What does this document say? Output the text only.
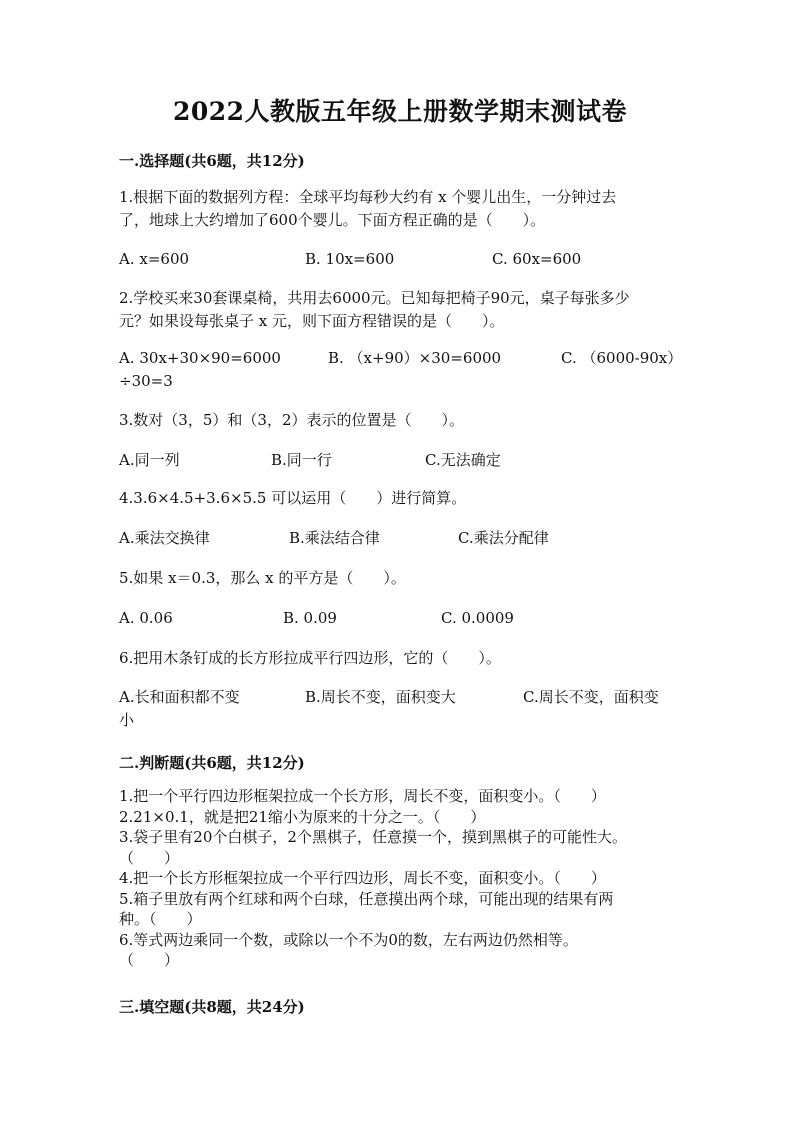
2022人教版五年级上册数学期末测试卷
一.选择题(共6题，共12分)
1.根据下面的数据列方程：全球平均每秒大约有 x 个婴儿出生，一分钟过去
了，地球上大约增加了600个婴儿。下面方程正确的是（　　）。
A. x=600	B. 10x=600	C. 60x=600
2.学校买来30套课桌椅，共用去6000元。已知每把椅子90元，桌子每张多少
元？如果设每张桌子 x 元，则下面方程错误的是（　　）。
A. 30x+30×90=6000	B. （x+90）×30=6000	C. （6000-90x）
÷30=3
3.数对（3，5）和（3，2）表示的位置是（　　）。
A.同一列	B.同一行	C.无法确定
4.3.6×4.5+3.6×5.5 可以运用（　　）进行简算。
A.乘法交换律	B.乘法结合律	C.乘法分配律
5.如果 x＝0.3，那么 x 的平方是（　　）。
A. 0.06	B. 0.09	C. 0.0009
6.把用木条钉成的长方形拉成平行四边形，它的（　　）。
A.长和面积都不变	B.周长不变，面积变大	C.周长不变，面积变
小
二.判断题(共6题，共12分)
1.把一个平行四边形框架拉成一个长方形，周长不变，面积变小。（　　）
2.21×0.1，就是把21缩小为原来的十分之一。（　　）
3.袋子里有20个白棋子，2个黑棋子，任意摸一个，摸到黑棋子的可能性大。
（　　）
4.把一个长方形框架拉成一个平行四边形，周长不变，面积变小。（　　）
5.箱子里放有两个红球和两个白球，任意摸出两个球，可能出现的结果有两
种。（　　）
6.等式两边乘同一个数，或除以一个不为0的数，左右两边仍然相等。
（　　）
三.填空题(共8题，共24分)
